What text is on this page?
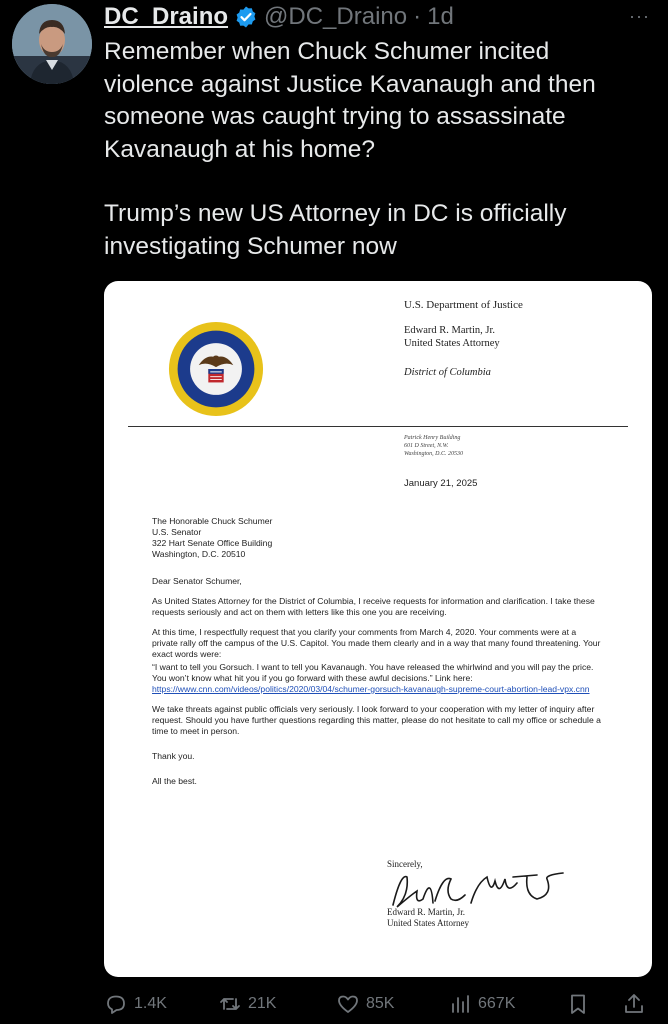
DC_Draino @DC_Draino · 1d	···

Remember when Chuck Schumer incited violence against Justice Kavanaugh and then someone was caught trying to assassinate Kavanaugh at his home?

Trump’s new US Attorney in DC is officially investigating Schumer now

U.S. Department of Justice
Edward R. Martin, Jr.
United States Attorney
District of Columbia
Patrick Henry Building
601 D Street, N.W.
Washington, D.C. 20530
January 21, 2025

The Honorable Chuck Schumer
U.S. Senator
322 Hart Senate Office Building
Washington, D.C. 20510

Dear Senator Schumer,

As United States Attorney for the District of Columbia, I receive requests for information and clarification. I take these requests seriously and act on them with letters like this one you are receiving.

At this time, I respectfully request that you clarify your comments from March 4, 2020. Your comments were at a private rally off the campus of the U.S. Capitol. You made them clearly and in a way that many found threatening. Your exact words were:

“I want to tell you Gorsuch. I want to tell you Kavanaugh. You have released the whirlwind and you will pay the price. You won’t know what hit you if you go forward with these awful decisions.” Link here: https://www.cnn.com/videos/politics/2020/03/04/schumer-gorsuch-kavanaugh-supreme-court-abortion-lead-vpx.cnn

We take threats against public officials very seriously. I look forward to your cooperation with my letter of inquiry after request. Should you have further questions regarding this matter, please do not hesitate to call my office or schedule a time to meet in person.

Thank you.

All the best.

Sincerely,
Edward R. Martin, Jr.
United States Attorney
1.4K	21K	85K	667K
